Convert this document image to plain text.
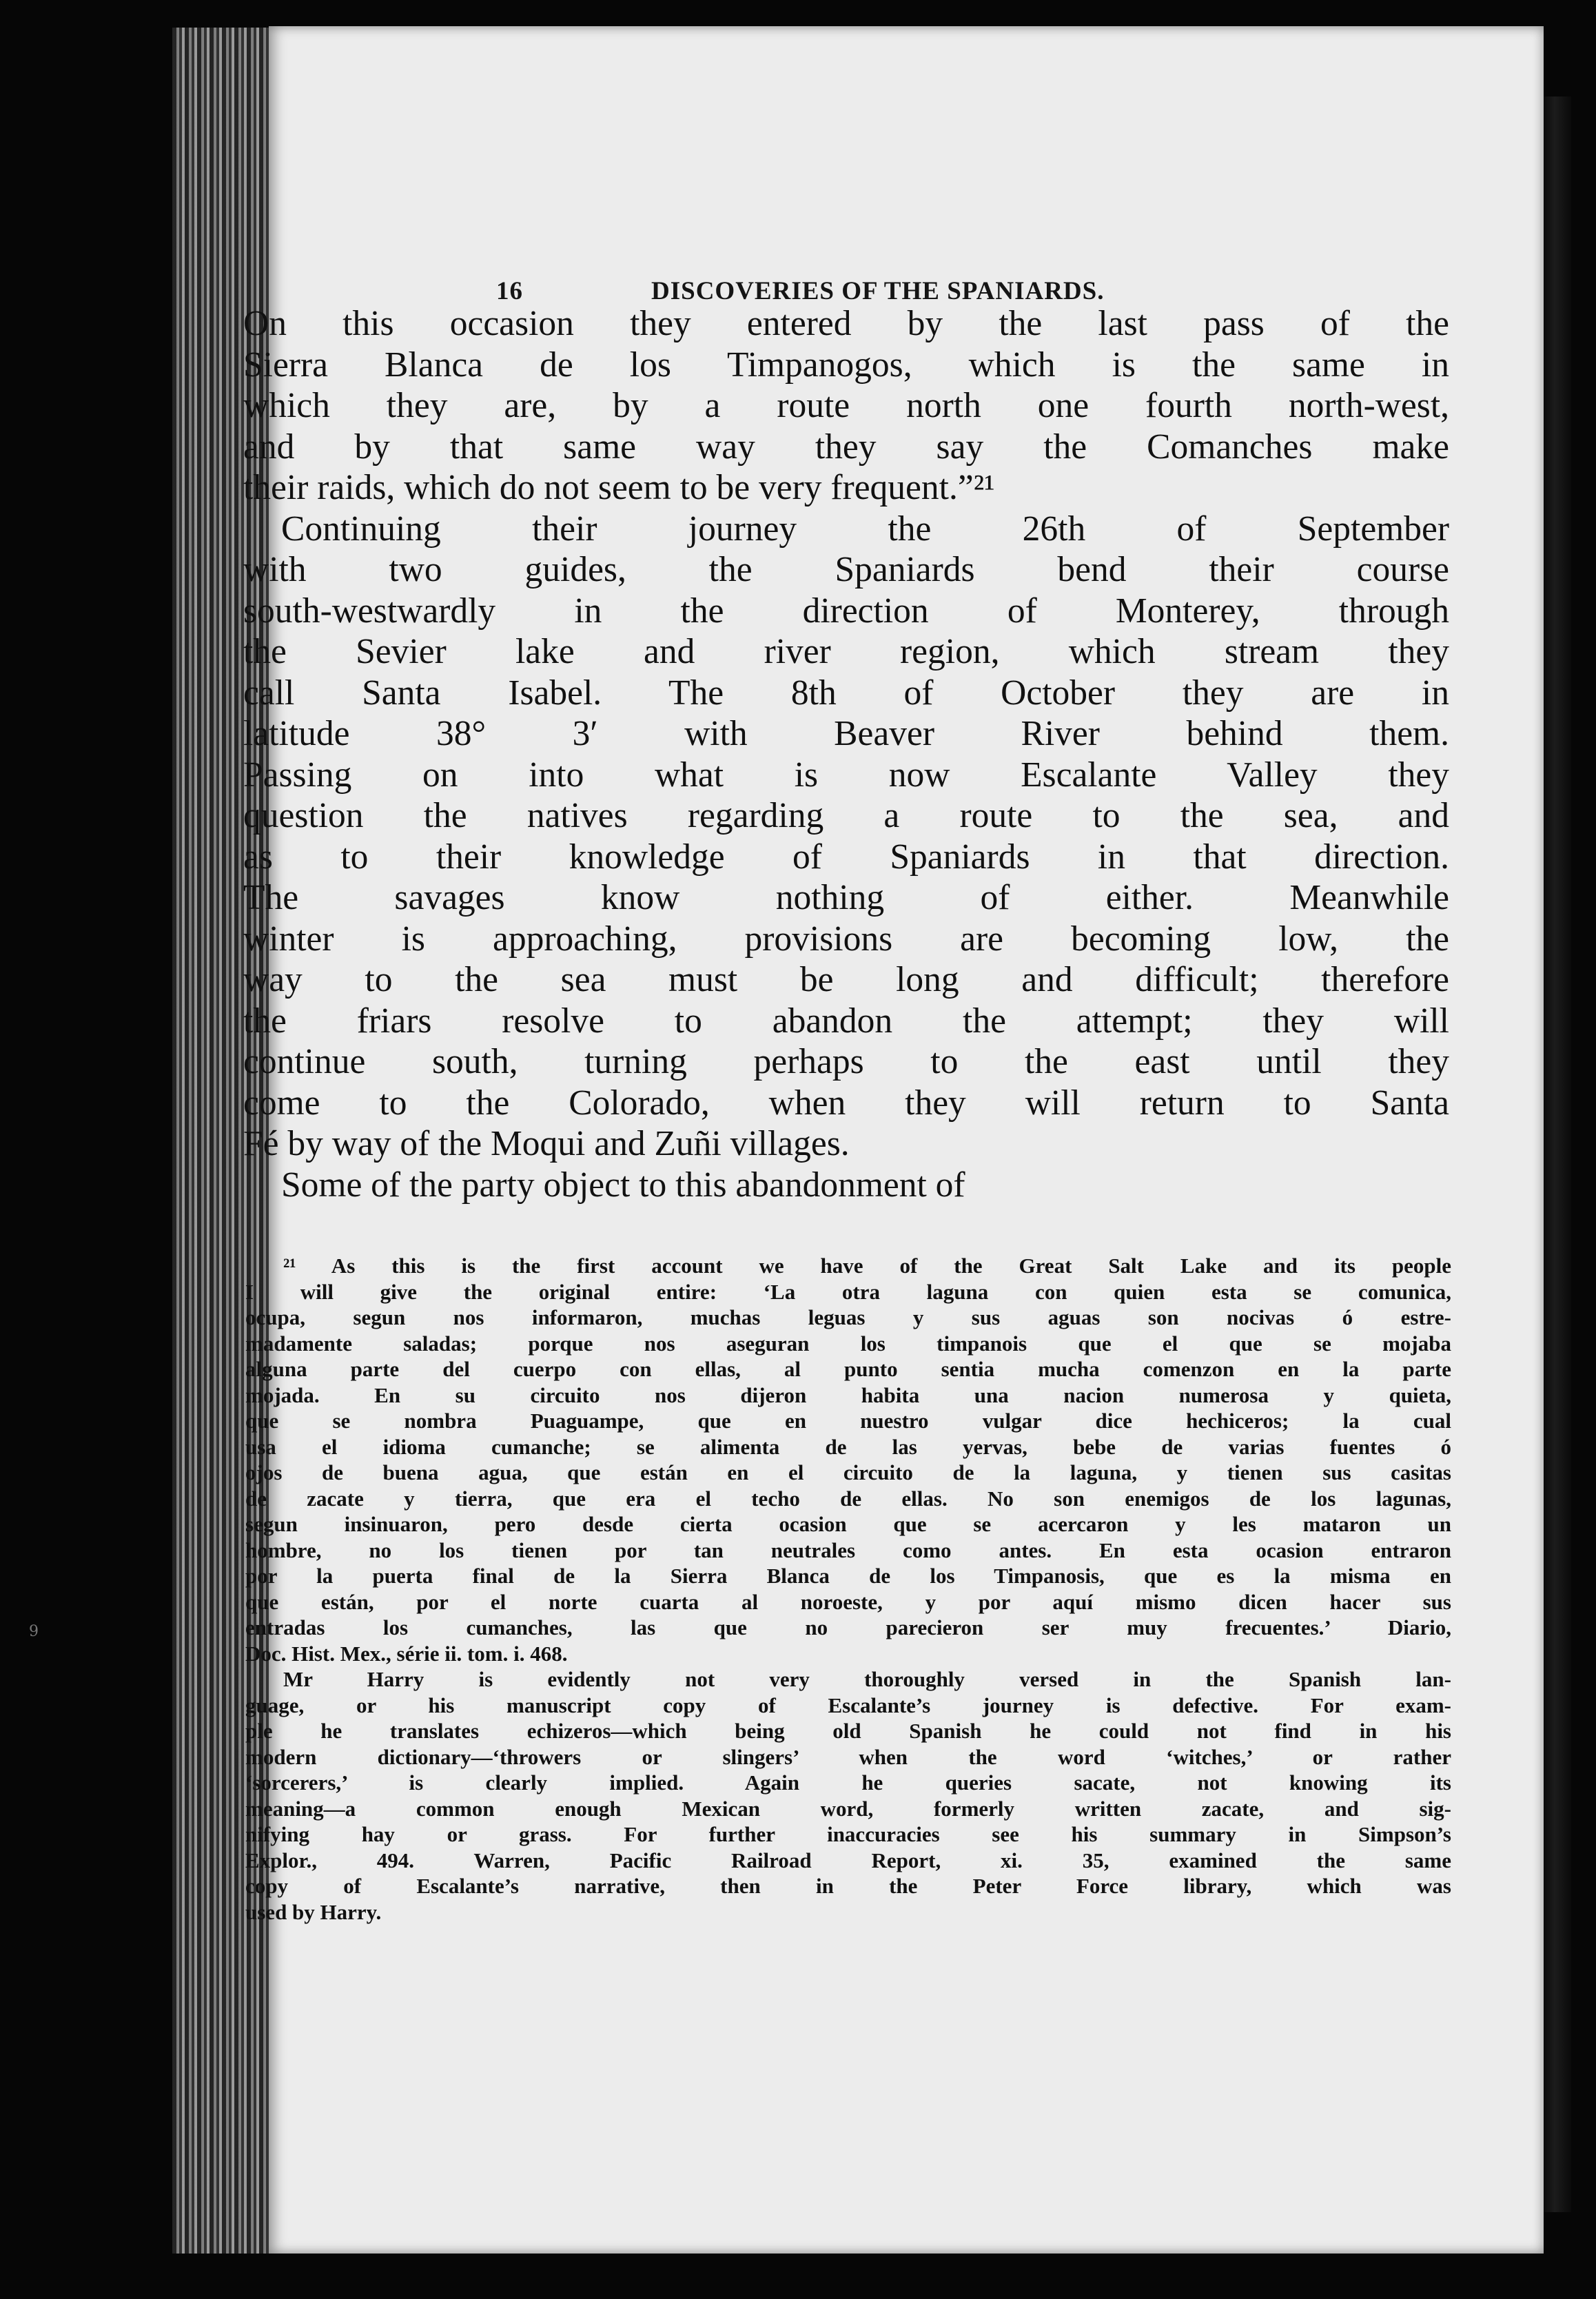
9
16	DISCOVERIES OF THE SPANIARDS.
On this occasion they entered by the last pass of the
Sierra Blanca de los Timpanogos, which is the same in
which they are, by a route north one fourth north-west,
and by that same way they say the Comanches make
their raids, which do not seem to be very frequent.”²¹
Continuing their journey the 26th of September
with two guides, the Spaniards bend their course
south-westwardly in the direction of Monterey, through
the Sevier lake and river region, which stream they
call Santa Isabel. The 8th of October they are in
latitude 38° 3′ with Beaver River behind them.
Passing on into what is now Escalante Valley they
question the natives regarding a route to the sea, and
as to their knowledge of Spaniards in that direction.
The savages know nothing of either. Meanwhile
winter is approaching, provisions are becoming low, the
way to the sea must be long and difficult; therefore
the friars resolve to abandon the attempt; they will
continue south, turning perhaps to the east until they
come to the Colorado, when they will return to Santa
Fé by way of the Moqui and Zuñi villages.
Some of the party object to this abandonment of
²¹ As this is the first account we have of the Great Salt Lake and its people
I will give the original entire: ‘La otra laguna con quien esta se comunica,
ocupa, segun nos informaron, muchas leguas y sus aguas son nocivas ó estre-
madamente saladas; porque nos aseguran los timpanois que el que se mojaba
alguna parte del cuerpo con ellas, al punto sentia mucha comenzon en la parte
mojada. En su circuito nos dijeron habita una nacion numerosa y quieta,
que se nombra Puaguampe, que en nuestro vulgar dice hechiceros; la cual
usa el idioma cumanche; se alimenta de las yervas, bebe de varias fuentes ó
ojos de buena agua, que están en el circuito de la laguna, y tienen sus casitas
de zacate y tierra, que era el techo de ellas. No son enemigos de los lagunas,
segun insinuaron, pero desde cierta ocasion que se acercaron y les mataron un
hombre, no los tienen por tan neutrales como antes. En esta ocasion entraron
por la puerta final de la Sierra Blanca de los Timpanosis, que es la misma en
que están, por el norte cuarta al noroeste, y por aquí mismo dicen hacer sus
entradas los cumanches, las que no parecieron ser muy frecuentes.’ Diario,
Doc. Hist. Mex., série ii. tom. i. 468.
Mr Harry is evidently not very thoroughly versed in the Spanish lan-
guage, or his manuscript copy of Escalante’s journey is defective. For exam-
ple he translates echizeros—which being old Spanish he could not find in his
modern dictionary—‘throwers or slingers’ when the word ‘witches,’ or rather
‘sorcerers,’ is clearly implied. Again he queries sacate, not knowing its
meaning—a common enough Mexican word, formerly written zacate, and sig-
nifying hay or grass. For further inaccuracies see his summary in Simpson’s
Explor., 494. Warren, Pacific Railroad Report, xi. 35, examined the same
copy of Escalante’s narrative, then in the Peter Force library, which was
used by Harry.
